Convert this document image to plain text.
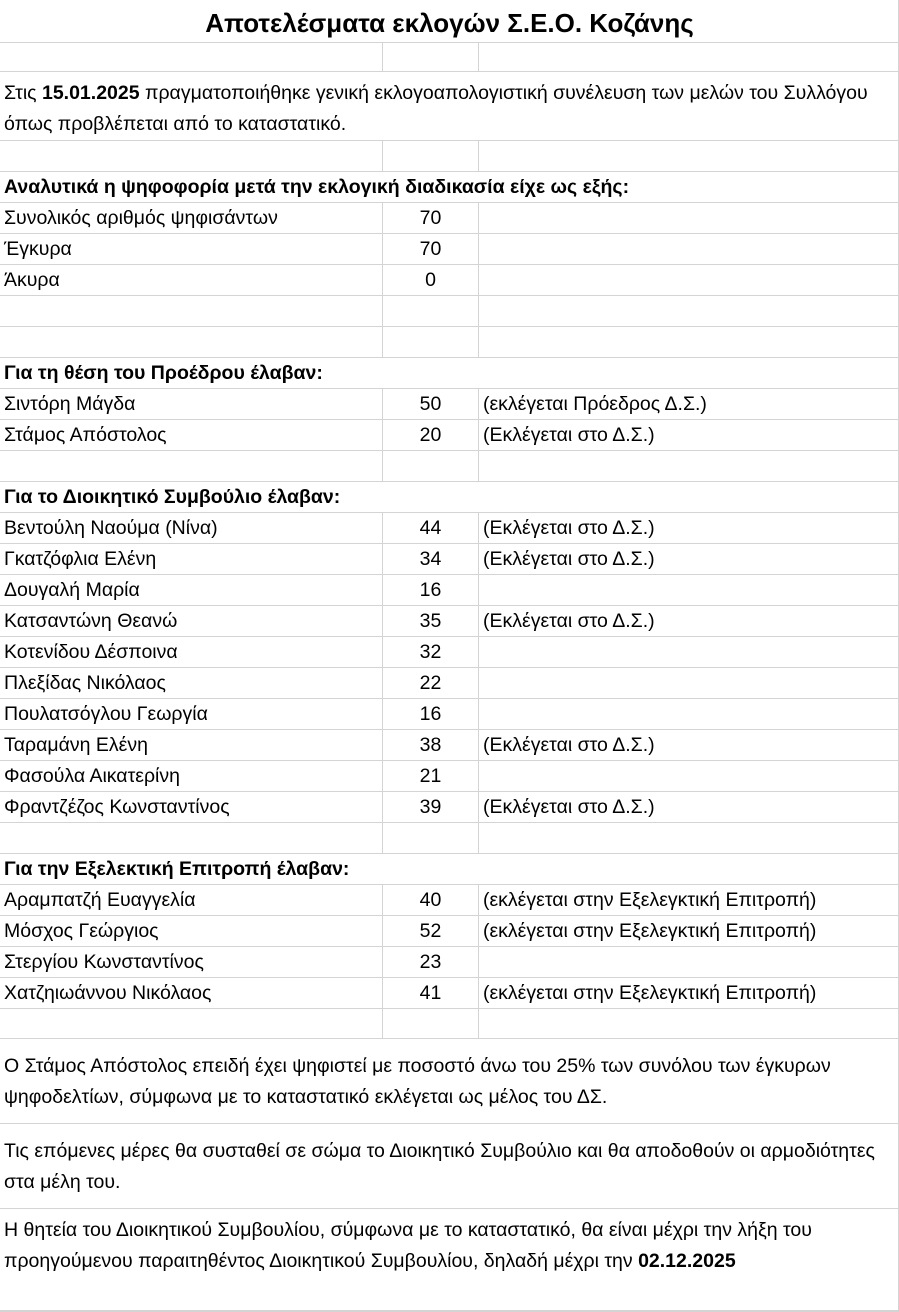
Αποτελέσματα εκλογών Σ.Ε.Ο. Κοζάνης
Στις 15.01.2025 πραγματοποιήθηκε γενική εκλογοαπολογιστική συνέλευση των μελών του Συλλόγου όπως προβλέπεται από το καταστατικό.
Αναλυτικά η ψηφοφορία μετά την εκλογική διαδικασία είχε ως εξής:
Συνολικός αριθμός ψηφισάντων	70
Έγκυρα	70
Άκυρα	0
Για τη θέση του Προέδρου έλαβαν:
Σιντόρη Μάγδα	50	(εκλέγεται Πρόεδρος Δ.Σ.)
Στάμος Απόστολος	20	(Εκλέγεται στο Δ.Σ.)
Για το Διοικητικό Συμβούλιο έλαβαν:
Βεντούλη Ναούμα (Νίνα)	44	(Εκλέγεται στο Δ.Σ.)
Γκατζόφλια Ελένη	34	(Εκλέγεται στο Δ.Σ.)
Δουγαλή Μαρία	16
Κατσαντώνη Θεανώ	35	(Εκλέγεται στο Δ.Σ.)
Κοτενίδου Δέσποινα	32
Πλεξίδας Νικόλαος	22
Πουλατσόγλου Γεωργία	16
Ταραμάνη Ελένη	38	(Εκλέγεται στο Δ.Σ.)
Φασούλα Αικατερίνη	21
Φραντζέζος Κωνσταντίνος	39	(Εκλέγεται στο Δ.Σ.)
Για την Εξελεκτική Επιτροπή έλαβαν:
Αραμπατζή Ευαγγελία	40	(εκλέγεται στην Εξελεγκτική Επιτροπή)
Μόσχος Γεώργιος	52	(εκλέγεται στην Εξελεγκτική Επιτροπή)
Στεργίου Κωνσταντίνος	23
Χατζηιωάννου Νικόλαος	41	(εκλέγεται στην Εξελεγκτική Επιτροπή)
Ο Στάμος Απόστολος επειδή έχει ψηφιστεί με ποσοστό άνω του 25% των συνόλου των έγκυρων ψηφοδελτίων, σύμφωνα με το καταστατικό εκλέγεται ως μέλος του ΔΣ.
Τις επόμενες μέρες θα συσταθεί σε σώμα το Διοικητικό Συμβούλιο και θα αποδοθούν οι αρμοδιότητες στα μέλη του.
Η θητεία του Διοικητικού Συμβουλίου, σύμφωνα με το καταστατικό, θα είναι μέχρι την λήξη του προηγούμενου παραιτηθέντος Διοικητικού Συμβουλίου, δηλαδή μέχρι την 02.12.2025
